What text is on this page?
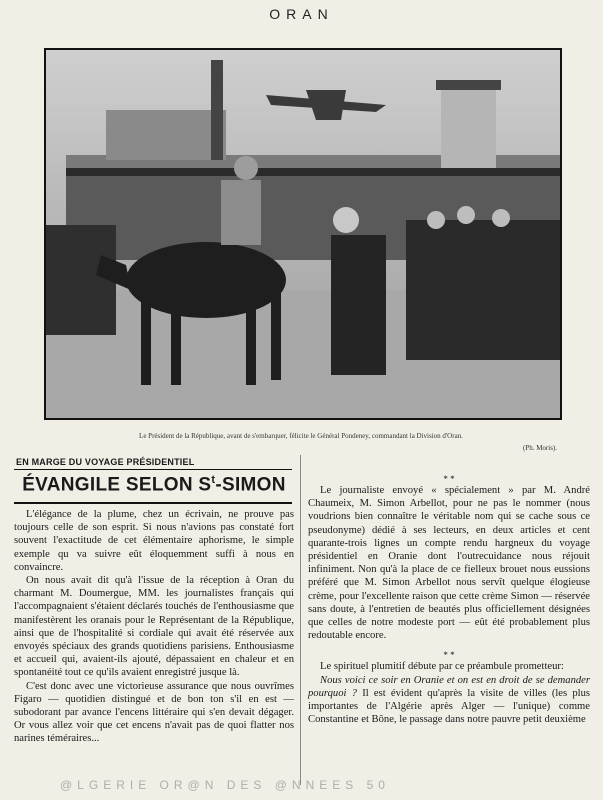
ORAN
Le Président de la République, avant de s'embarquer, félicite le Général Pondeney, commandant la Division d'Oran.
(Ph. Moris).
EN MARGE DU VOYAGE PRÉSIDENTIEL
ÉVANGILE SELON $S^t$-SIMON

L'élégance de la plume, chez un écrivain, ne prouve pas toujours celle de son esprit. Si nous n'avions pas constaté fort souvent l'exactitude de cet élémentaire aphorisme, le simple exemple qu va suivre eût éloquemment suffi à nous en convaincre.

On nous avait dit qu'à l'issue de la réception à Oran du charmant M. Doumergue, MM. les journalistes français qui l'accompagnaient s'étaient déclarés touchés de l'enthousiasme que manifestèrent les oranais pour le Représentant de la République, ainsi que de l'hospitalité si cordiale qui avait été réservée aux envoyés spéciaux des grands quotidiens parisiens. Enthousiasme et accueil qui, avaient-ils ajouté, dépassaient en chaleur et en spontanéité tout ce qu'ils avaient enregistré jusque là.

C'est donc avec une victorieuse assurance que nous ouvrîmes Figaro — quotidien distingué et de bon ton s'il en est — subodorant par avance l'encens littéraire qui s'en devait dégager. Or vous allez voir que cet encens n'avait pas de quoi flatter nos narines téméraires...

* *

Le journaliste envoyé « spécialement » par M. André Chaumeix, M. Simon Arbellot, pour ne pas le nommer (nous voudrions bien connaître le véritable nom qui se cache sous ce pseudonyme) dédié à ses lecteurs, en deux articles et cent quarante-trois lignes un compte rendu hargneux du voyage présidentiel en Oranie dont l'outrecuidance nous réjouit infiniment. Non qu'à la place de ce fielleux brouet nous eussions préféré que M. Simon Arbellot nous servît quelque élogieuse crème, pour l'excellente raison que cette crème Simon — réservée sans doute, à l'entretien de beautés plus officiellement désignées que celles de notre modeste port — eût été probablement plus redoutable encore.

* *

Le spirituel plumitif débute par ce préambule prometteur:

Nous voici ce soir en Oranie et on est en droit de se demander pourquoi ? Il est évident qu'après la visite de villes (les plus importantes de l'Algérie après Alger — l'unique) comme Constantine et Bône, le passage dans notre pauvre petit deuxième

@LGERIE OR@N DES @NNEES 50
